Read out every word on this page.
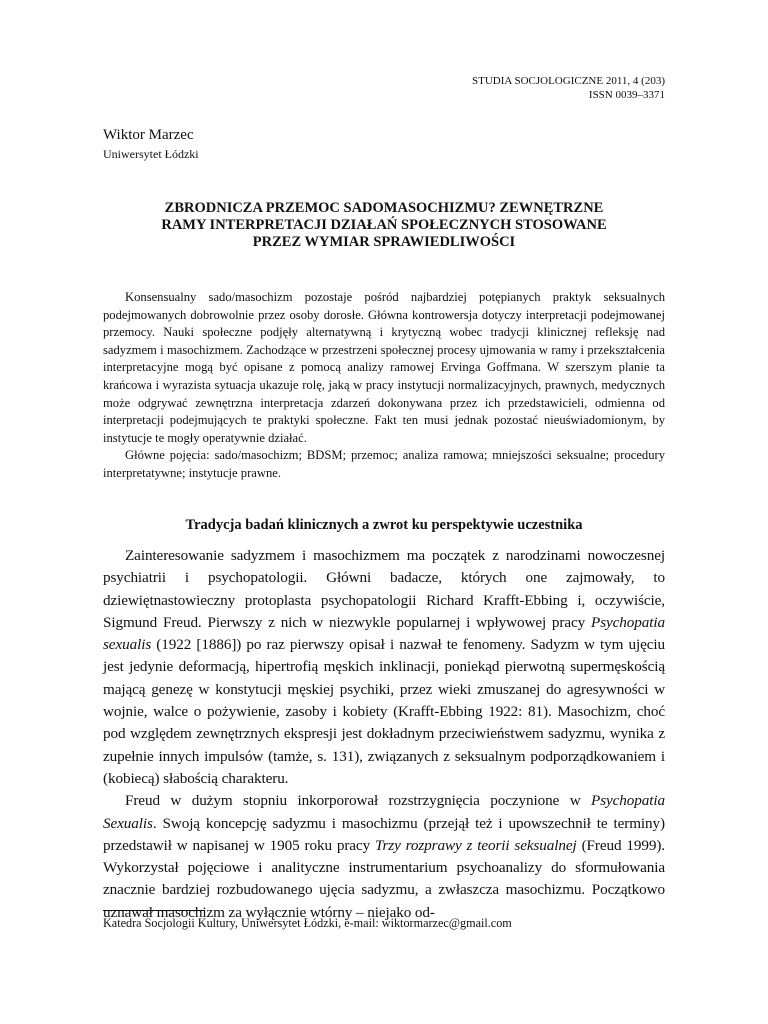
STUDIA SOCJOLOGICZNE 2011, 4 (203)
ISSN 0039–3371
Wiktor Marzec
Uniwersytet Łódzki
ZBRODNICZA PRZEMOC SADOMASOCHIZMU? ZEWNĘTRZNE
RAMY INTERPRETACJI DZIAŁAŃ SPOŁECZNYCH STOSOWANE
PRZEZ WYMIAR SPRAWIEDLIWOŚCI

Konsensualny sado/masochizm pozostaje pośród najbardziej potępianych praktyk seksualnych podejmowanych dobrowolnie przez osoby dorosłe. Główna kontrowersja dotyczy interpretacji podejmowanej przemocy. Nauki społeczne podjęły alternatywną i krytyczną wobec tradycji klinicznej refleksję nad sadyzmem i masochizmem. Zachodzące w przestrzeni społecznej procesy ujmowania w ramy i przekształcenia interpretacyjne mogą być opisane z pomocą analizy ramowej Ervinga Goffmana. W szerszym planie ta krańcowa i wyrazista sytuacja ukazuje rolę, jaką w pracy instytucji normalizacyjnych, prawnych, medycznych może odgrywać zewnętrzna interpretacja zdarzeń dokonywana przez ich przedstawicieli, odmienna od interpretacji podejmujących te praktyki społeczne. Fakt ten musi jednak pozostać nieuświadomionym, by instytucje te mogły operatywnie działać.

Główne pojęcia: sado/masochizm; BDSM; przemoc; analiza ramowa; mniejszości seksualne; procedury interpretatywne; instytucje prawne.

Tradycja badań klinicznych a zwrot ku perspektywie uczestnika

Zainteresowanie sadyzmem i masochizmem ma początek z narodzinami nowoczesnej psychiatrii i psychopatologii. Główni badacze, których one zajmowały, to dziewiętnastowieczny protoplasta psychopatologii Richard Krafft-Ebbing i, oczywiście, Sigmund Freud. Pierwszy z nich w niezwykle popularnej i wpływowej pracy Psychopatia sexualis (1922 [1886]) po raz pierwszy opisał i nazwał te fenomeny. Sadyzm w tym ujęciu jest jedynie deformacją, hipertrofią męskich inklinacji, poniekąd pierwotną supermęskością mającą genezę w konstytucji męskiej psychiki, przez wieki zmuszanej do agresywności w wojnie, walce o pożywienie, zasoby i kobiety (Krafft-Ebbing 1922: 81). Masochizm, choć pod względem zewnętrznych ekspresji jest dokładnym przeciwieństwem sadyzmu, wynika z zupełnie innych impulsów (tamże, s. 131), związanych z seksualnym podporządkowaniem i (kobiecą) słabością charakteru.

Freud w dużym stopniu inkorporował rozstrzygnięcia poczynione w Psychopatia Sexualis. Swoją koncepcję sadyzmu i masochizmu (przejął też i upowszechnił te terminy) przedstawił w napisanej w 1905 roku pracy Trzy rozprawy z teorii seksualnej (Freud 1999). Wykorzystał pojęciowe i analityczne instrumentarium psychoanalizy do sformułowania znacznie bardziej rozbudowanego ujęcia sadyzmu, a zwłaszcza masochizmu. Początkowo uznawał masochizm za wyłącznie wtórny – niejako od-

Katedra Socjologii Kultury, Uniwersytet Łódzki, e-mail: wiktormarzec@gmail.com
